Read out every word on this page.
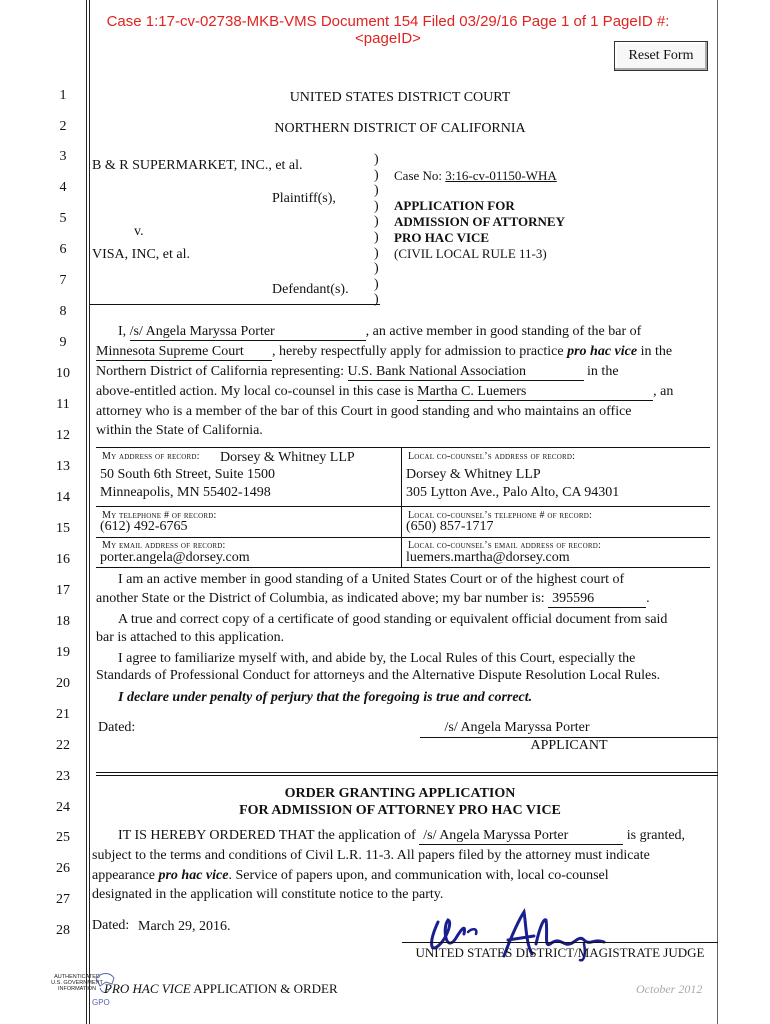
Case 1:17-cv-02738-MKB-VMS Document 154 Filed 03/29/16 Page 1 of 1 PageID #:
<pageID>
Reset Form
1
2
3
4
5
6
7
8
9
10
11
12
13
14
15
16
17
18
19
20
21
22
23
24
25
26
27
28
UNITED STATES DISTRICT COURT
NORTHERN DISTRICT OF CALIFORNIA
B & R SUPERMARKET, INC., et al.
Plaintiff(s),
v.
VISA, INC, et al.
Defendant(s).
)
)
)
)
)
)
)
)
)
)
Case No: 3:16-cv-01150-WHA
APPLICATION FOR
ADMISSION OF ATTORNEY
PRO HAC VICE
(CIVIL LOCAL RULE 11-3)
I, /s/ Angela Maryssa Porter	, an active member in good standing of the bar of
Minnesota Supreme Court , hereby respectfully apply for admission to practice pro hac vice in the
Northern District of California representing: U.S. Bank National Association	in the
above-entitled action. My local co-counsel in this case is Martha C. Luemers	, an
attorney who is a member of the bar of this Court in good standing and who maintains an office
within the State of California.
My address of record: Dorsey & Whitney LLP
50 South 6th Street, Suite 1500
Minneapolis, MN 55402-1498
Local co-counsel’s address of record:
Dorsey & Whitney LLP
305 Lytton Ave., Palo Alto, CA 94301
My telephone # of record:
(612) 492-6765
Local co-counsel’s telephone # of record:
(650) 857-1717
My email address of record:
porter.angela@dorsey.com
Local co-counsel’s email address of record:
luemers.martha@dorsey.com
I am an active member in good standing of a United States Court or of the highest court of
another State or the District of Columbia, as indicated above; my bar number is: 395596	.
A true and correct copy of a certificate of good standing or equivalent official document from said
bar is attached to this application.
I agree to familiarize myself with, and abide by, the Local Rules of this Court, especially the
Standards of Professional Conduct for attorneys and the Alternative Dispute Resolution Local Rules.
I declare under penalty of perjury that the foregoing is true and correct.
Dated:	/s/ Angela Maryssa Porter
APPLICANT
ORDER GRANTING APPLICATION
FOR ADMISSION OF ATTORNEY PRO HAC VICE
IT IS HEREBY ORDERED THAT the application of /s/ Angela Maryssa Porter	is granted,
subject to the terms and conditions of Civil L.R. 11-3. All papers filed by the attorney must indicate
appearance pro hac vice. Service of papers upon, and communication with, local co-counsel
designated in the application will constitute notice to the party.
Dated: March 29, 2016.
UNITED STATES DISTRICT/MAGISTRATE JUDGE
AUTHENTICATED
U.S. GOVERNMENT
INFORMATION
GPO
PRO HAC VICE APPLICATION & ORDER	October 2012
